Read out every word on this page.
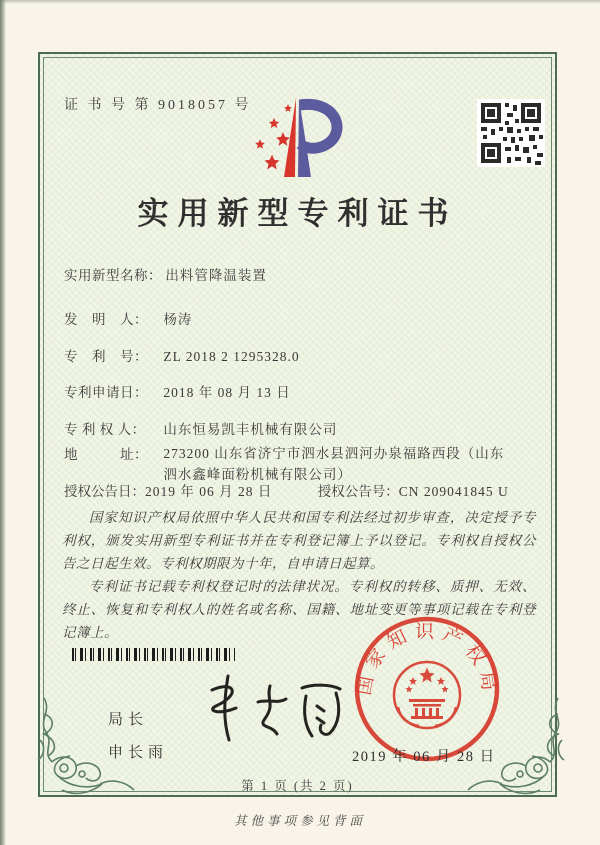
证 书 号 第 9018057 号
实用新型专利证书
实用新型名称： 出料管降温装置
发　明　人： 杨涛
专　利　号： ZL 2018 2 1295328.0
专利申请日： 2018 年 08 月 13 日
专 利 权 人： 山东恒易凯丰机械有限公司
地　　　址： 273200 山东省济宁市泗水县泗河办泉福路西段（山东泗水鑫峰面粉机械有限公司）
授权公告日：2019 年 06 月 28 日	授权公告号：CN 209041845 U

国家知识产权局依照中华人民共和国专利法经过初步审查，决定授予专利权，颁发实用新型专利证书并在专利登记簿上予以登记。专利权自授权公告之日起生效。专利权期限为十年，自申请日起算。

专利证书记载专利权登记时的法律状况。专利权的转移、质押、无效、终止、恢复和专利权人的姓名或名称、国籍、地址变更等事项记载在专利登记簿上。

局长
申长雨
国家知识产权局
2019 年 06 月 28 日
第 1 页 (共 2 页)
其他事项参见背面
